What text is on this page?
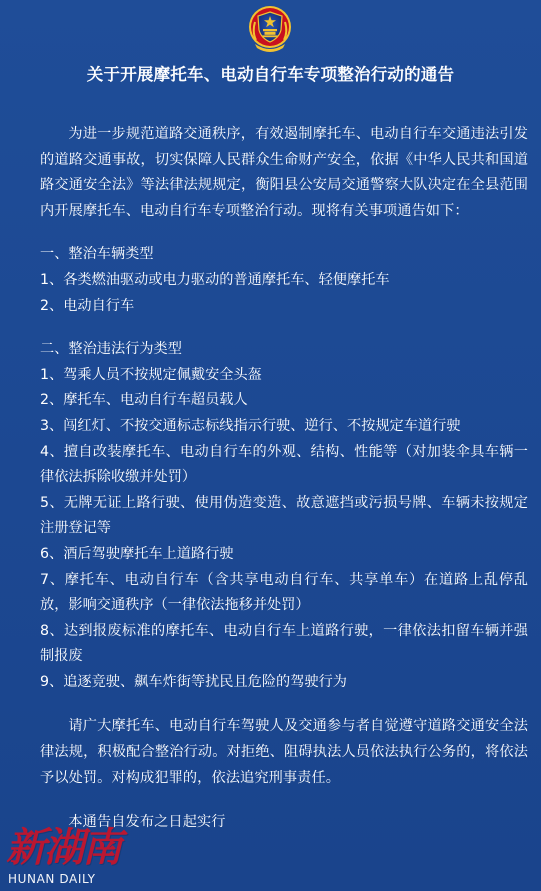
关于开展摩托车、电动自行车专项整治行动的通告

为进一步规范道路交通秩序，有效遏制摩托车、电动自行车交通违法引发的道路交通事故，切实保障人民群众生命财产安全，依据《中华人民共和国道路交通安全法》等法律法规规定，衡阳县公安局交通警察大队决定在全县范围内开展摩托车、电动自行车专项整治行动。现将有关事项通告如下：

一、整治车辆类型

1、各类燃油驱动或电力驱动的普通摩托车、轻便摩托车

2、电动自行车

二、整治违法行为类型

1、驾乘人员不按规定佩戴安全头盔

2、摩托车、电动自行车超员载人

3、闯红灯、不按交通标志标线指示行驶、逆行、不按规定车道行驶

4、擅自改装摩托车、电动自行车的外观、结构、性能等（对加装伞具车辆一律依法拆除收缴并处罚）

5、无牌无证上路行驶、使用伪造变造、故意遮挡或污损号牌、车辆未按规定注册登记等

6、酒后驾驶摩托车上道路行驶

7、摩托车、电动自行车（含共享电动自行车、共享单车）在道路上乱停乱放，影响交通秩序（一律依法拖移并处罚）

8、达到报废标准的摩托车、电动自行车上道路行驶，一律依法扣留车辆并强制报废

9、追逐竞驶、飙车炸街等扰民且危险的驾驶行为

请广大摩托车、电动自行车驾驶人及交通参与者自觉遵守道路交通安全法律法规，积极配合整治行动。对拒绝、阻碍执法人员依法执行公务的，将依法予以处罚。对构成犯罪的，依法追究刑事责任。

本通告自发布之日起实行

新湖南
HUNAN DAILY
